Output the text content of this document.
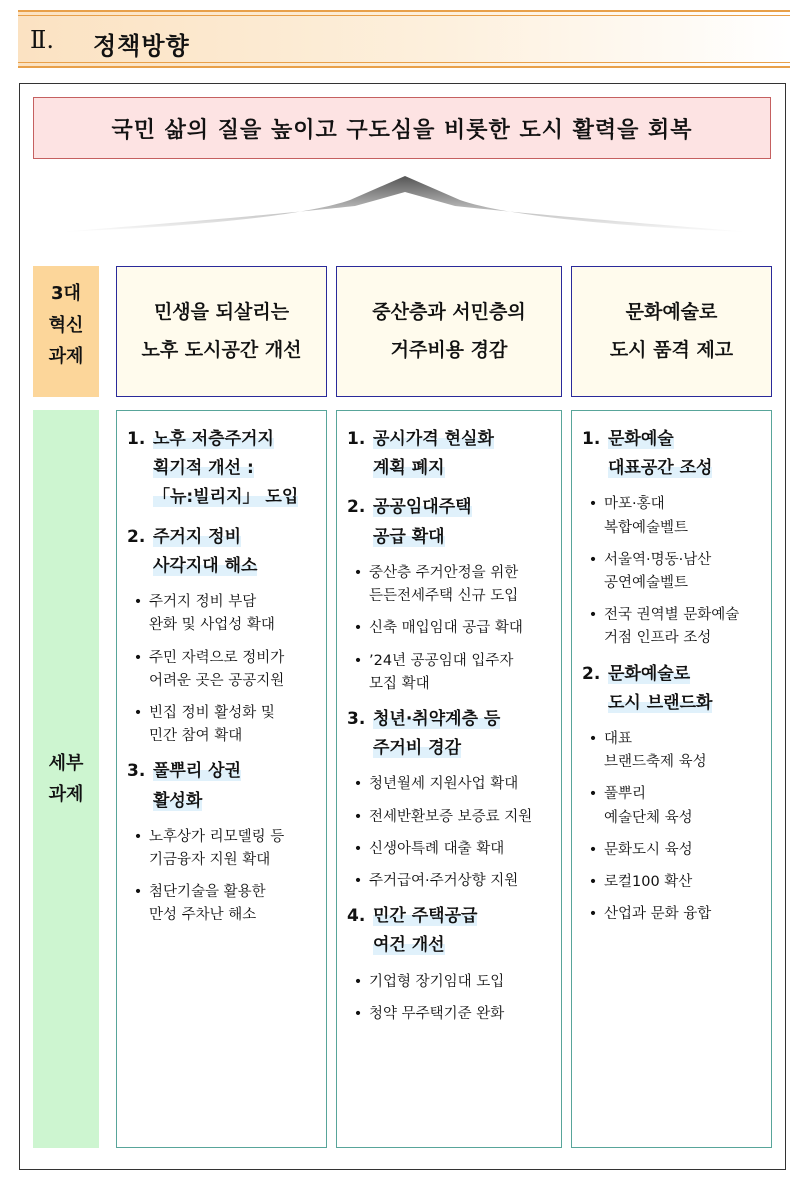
Ⅱ. 정책방향
국민 삶의 질을 높이고 구도심을 비롯한 도시 활력을 회복
3대
혁신
과제
세부
과제
민생을 되살리는
노후 도시공간 개선
중산층과 서민층의
거주비용 경감
문화예술로
도시 품격 제고
1. 노후 저층주거지
획기적 개선 :
「뉴:빌리지」 도입
2. 주거지 정비
사각지대 해소
• 주거지 정비 부담
완화 및 사업성 확대
• 주민 자력으로 정비가
어려운 곳은 공공지원
• 빈집 정비 활성화 및
민간 참여 확대
3. 풀뿌리 상권
활성화
• 노후상가 리모델링 등
기금융자 지원 확대
• 첨단기술을 활용한
만성 주차난 해소
1. 공시가격 현실화
계획 폐지
2. 공공임대주택
공급 확대
• 중산층 주거안정을 위한
든든전세주택 신규 도입
• 신축 매입임대 공급 확대
• ’24년 공공임대 입주자
모집 확대
3. 청년·취약계층 등
주거비 경감
• 청년월세 지원사업 확대
• 전세반환보증 보증료 지원
• 신생아특례 대출 확대
• 주거급여·주거상향 지원
4. 민간 주택공급
여건 개선
• 기업형 장기임대 도입
• 청약 무주택기준 완화
1. 문화예술
대표공간 조성
• 마포·홍대
복합예술벨트
• 서울역·명동·남산
공연예술벨트
• 전국 권역별 문화예술
거점 인프라 조성
2. 문화예술로
도시 브랜드화
• 대표
브랜드축제 육성
• 풀뿌리
예술단체 육성
• 문화도시 육성
• 로컬100 확산
• 산업과 문화 융합
